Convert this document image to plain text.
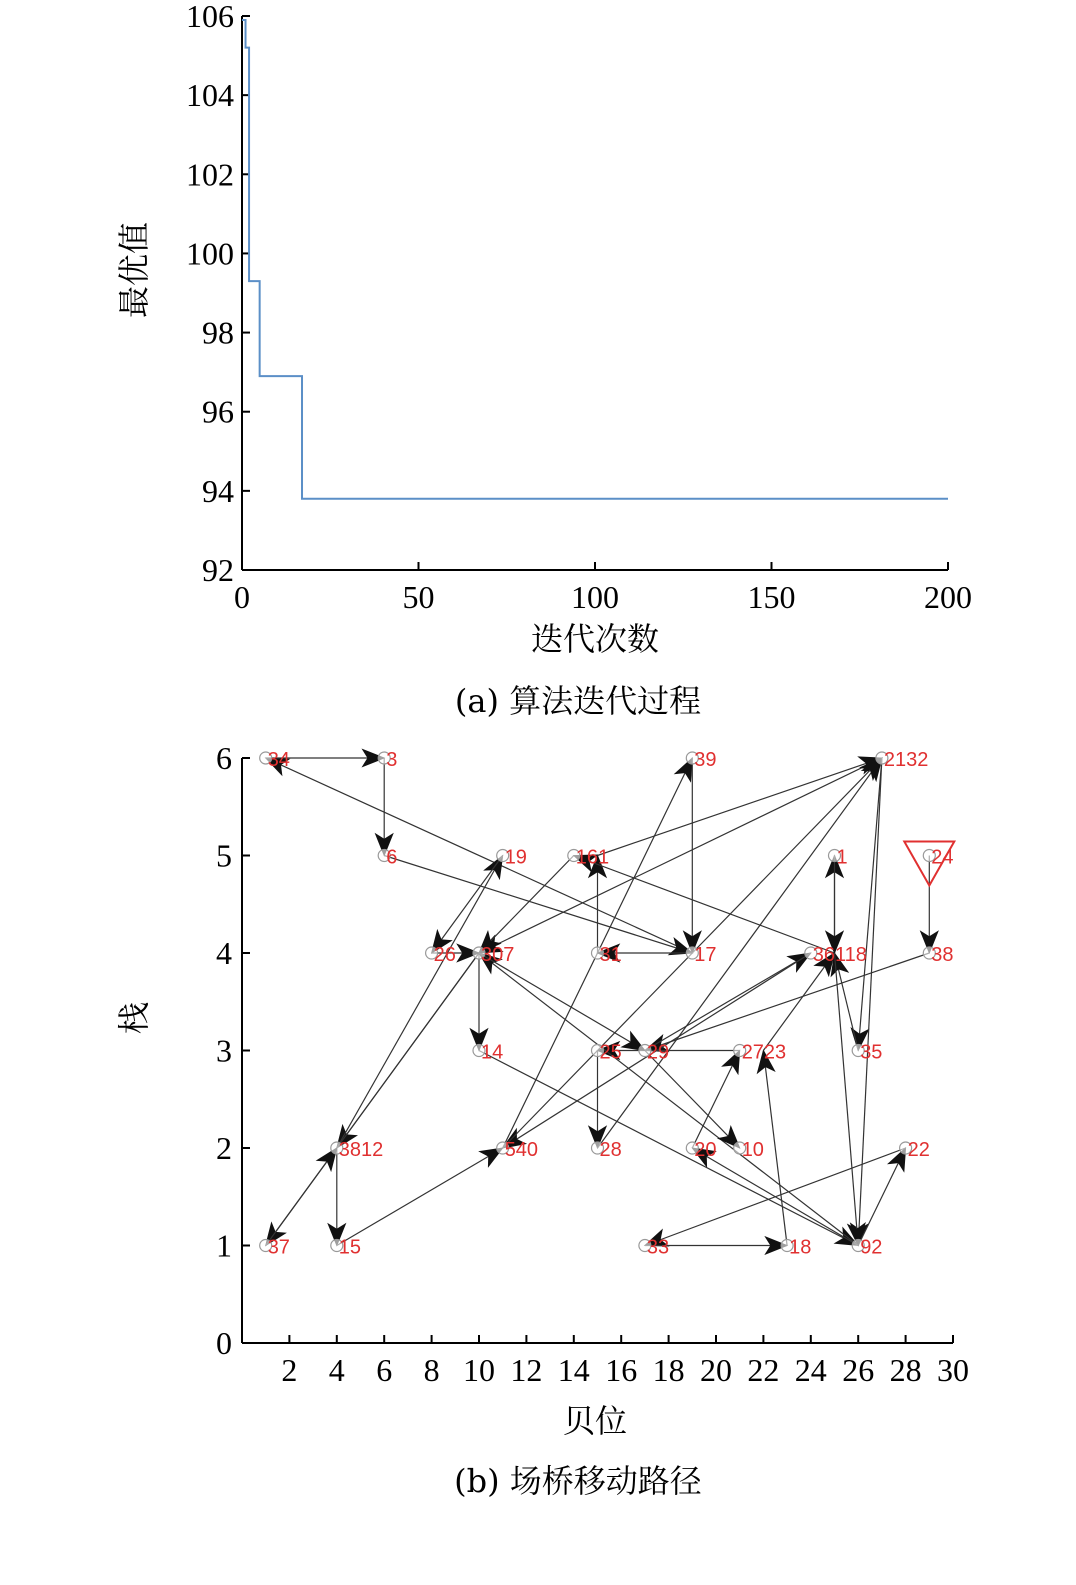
92
94
96
98
100
102
104
106
0	50	100	150	200
最优值
迭代次数
(a) 算法迭代过程
0
1
2
3
4
5
6
2 4 6 8 10 12 14 16 18 20 22 24 26 28 30
34	3	39	2132
6	19 161	1	24
26 307	31	17	36118	38
14	25 29	2723	35
3812	540	28	20 10	22
37 15	33	18 92
栈
贝位
(b) 场桥移动路径
